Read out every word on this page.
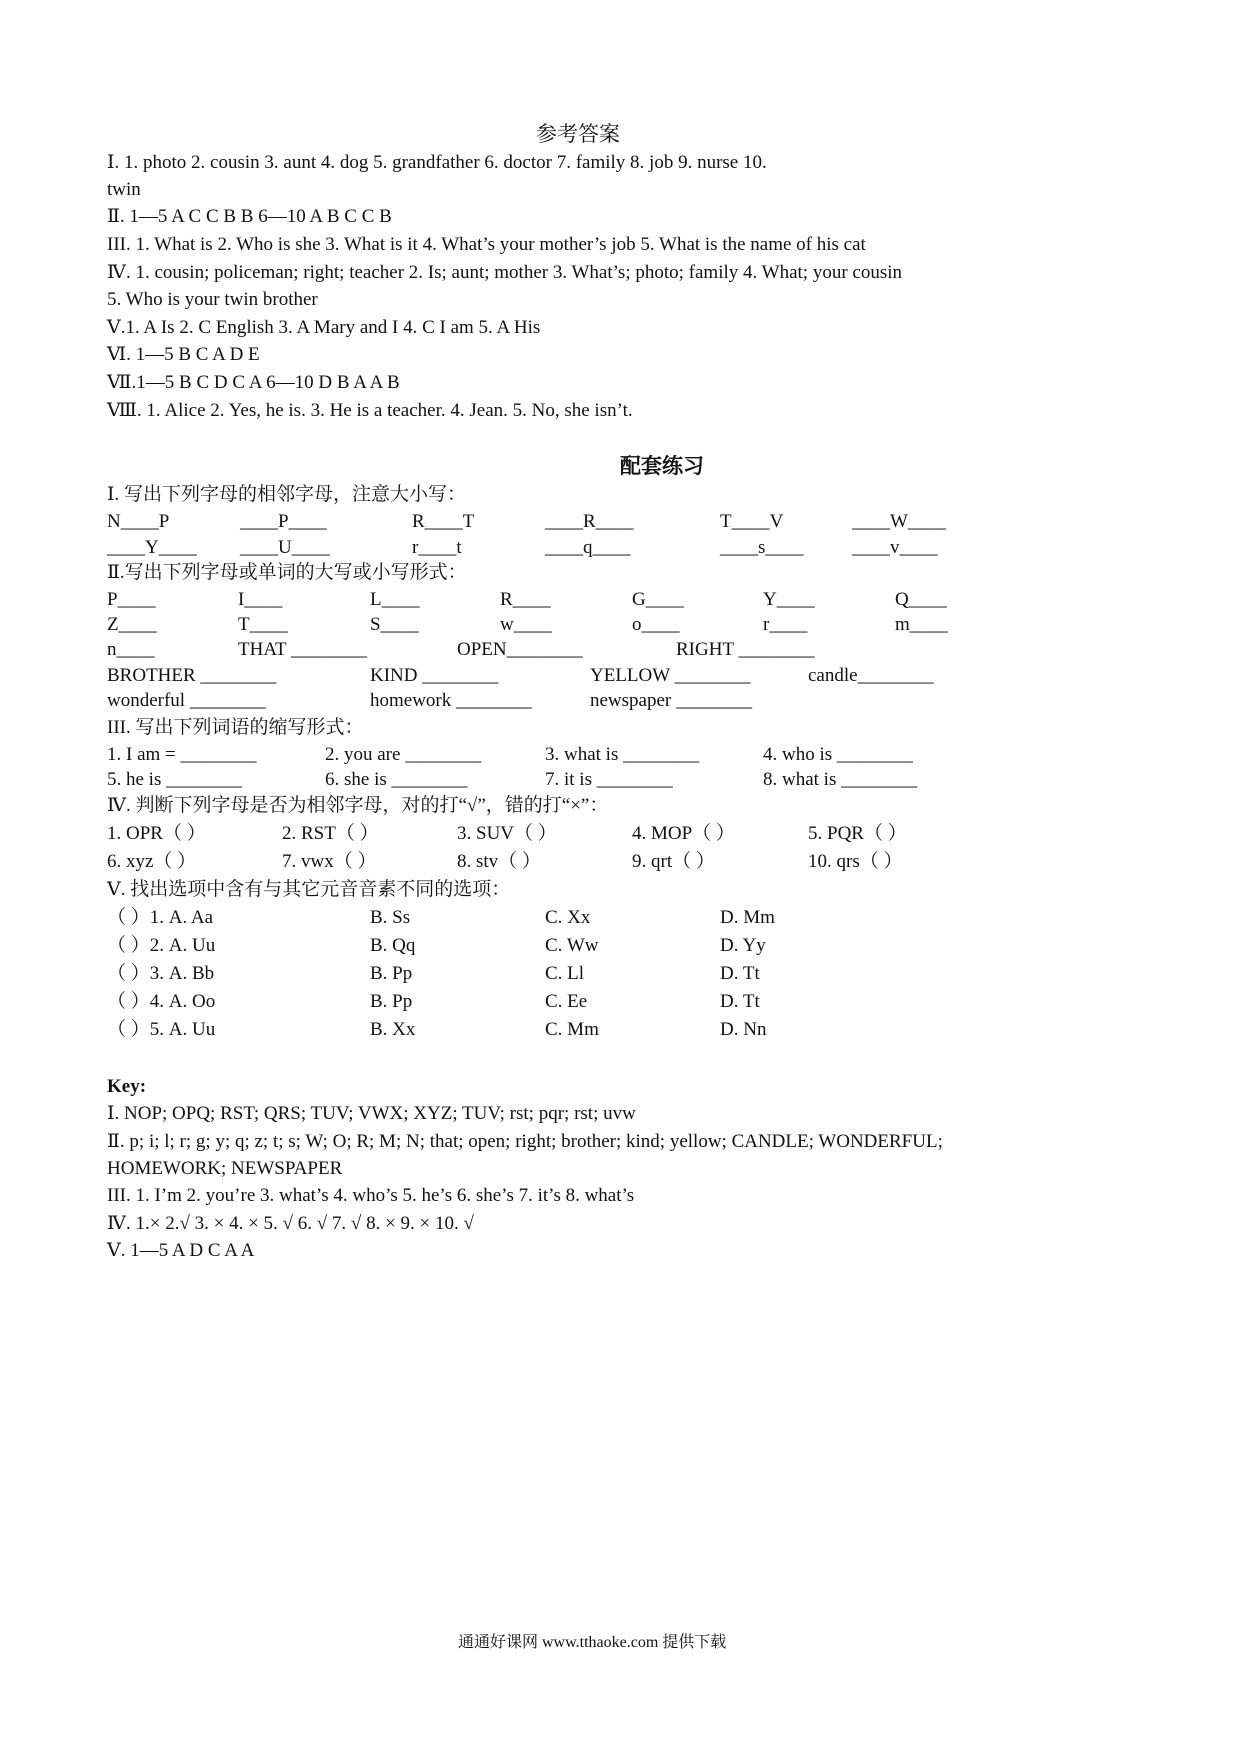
参考答案
Ⅰ. 1. photo 2. cousin 3. aunt 4. dog 5. grandfather 6. doctor 7. family 8. job 9. nurse 10.
twin
Ⅱ. 1—5 A C C B B 6—10 A B C C B
III. 1. What is 2. Who is she 3. What is it 4. What’s your mother’s job 5. What is the name of his cat
Ⅳ. 1. cousin; policeman; right; teacher 2. Is; aunt; mother 3. What’s; photo; family 4. What; your cousin
5. Who is your twin brother
Ⅴ.1. A Is 2. C English 3. A Mary and I 4. C I am 5. A His
Ⅵ. 1—5 B C A D E
Ⅶ.1—5 B C D C A 6—10 D B A A B
Ⅷ. 1. Alice 2. Yes, he is. 3. He is a teacher. 4. Jean. 5. No, she isn’t.
配套练习
Ⅰ. 写出下列字母的相邻字母，注意大小写：
N____P	____P____	R____T	____R____	T____V	____W____
____Y____ ____U____	r____t	____q____	____s____	____v____
Ⅱ.写出下列字母或单词的大写或小写形式：
P____	I____	L____	R____	G____	Y____	Q____
Z____	T____	S____	w____	o____	r____	m____
n____	THAT ________	OPEN________	RIGHT ________
BROTHER ________	KIND ________	YELLOW ________	candle________
wonderful ________	homework ________	newspaper ________
III. 写出下列词语的缩写形式：
1. I am = ________	2. you are ________	3. what is ________	4. who is ________
5. he is ________	6. she is ________	7. it is ________	8. what is ________
Ⅳ. 判断下列字母是否为相邻字母，对的打“√”，错的打“×”：
1. OPR（ ）	2. RST（ ）	3. SUV（ ）	4. MOP（ ）	5. PQR（ ）
6. xyz（ ）	7. vwx（ ）	8. stv（ ）	9. qrt（ ）	10. qrs（ ）
Ⅴ. 找出选项中含有与其它元音音素不同的选项：
（ ）1. A. Aa	B. Ss	C. Xx	D. Mm
（ ）2. A. Uu	B. Qq	C. Ww	D. Yy
（ ）3. A. Bb	B. Pp	C. Ll	D. Tt
（ ）4. A. Oo	B. Pp	C. Ee	D. Tt
（ ）5. A. Uu	B. Xx	C. Mm	D. Nn
Key:
Ⅰ. NOP; OPQ; RST; QRS; TUV; VWX; XYZ; TUV; rst; pqr; rst; uvw
Ⅱ. p; i; l; r; g; y; q; z; t; s; W; O; R; M; N; that; open; right; brother; kind; yellow; CANDLE; WONDERFUL;
HOMEWORK; NEWSPAPER
III. 1. I’m 2. you’re 3. what’s 4. who’s 5. he’s 6. she’s 7. it’s 8. what’s
Ⅳ. 1.× 2.√ 3. × 4. × 5. √ 6. √ 7. √ 8. × 9. × 10. √
Ⅴ. 1—5 A D C A A
通通好课网 www.tthaoke.com 提供下载
